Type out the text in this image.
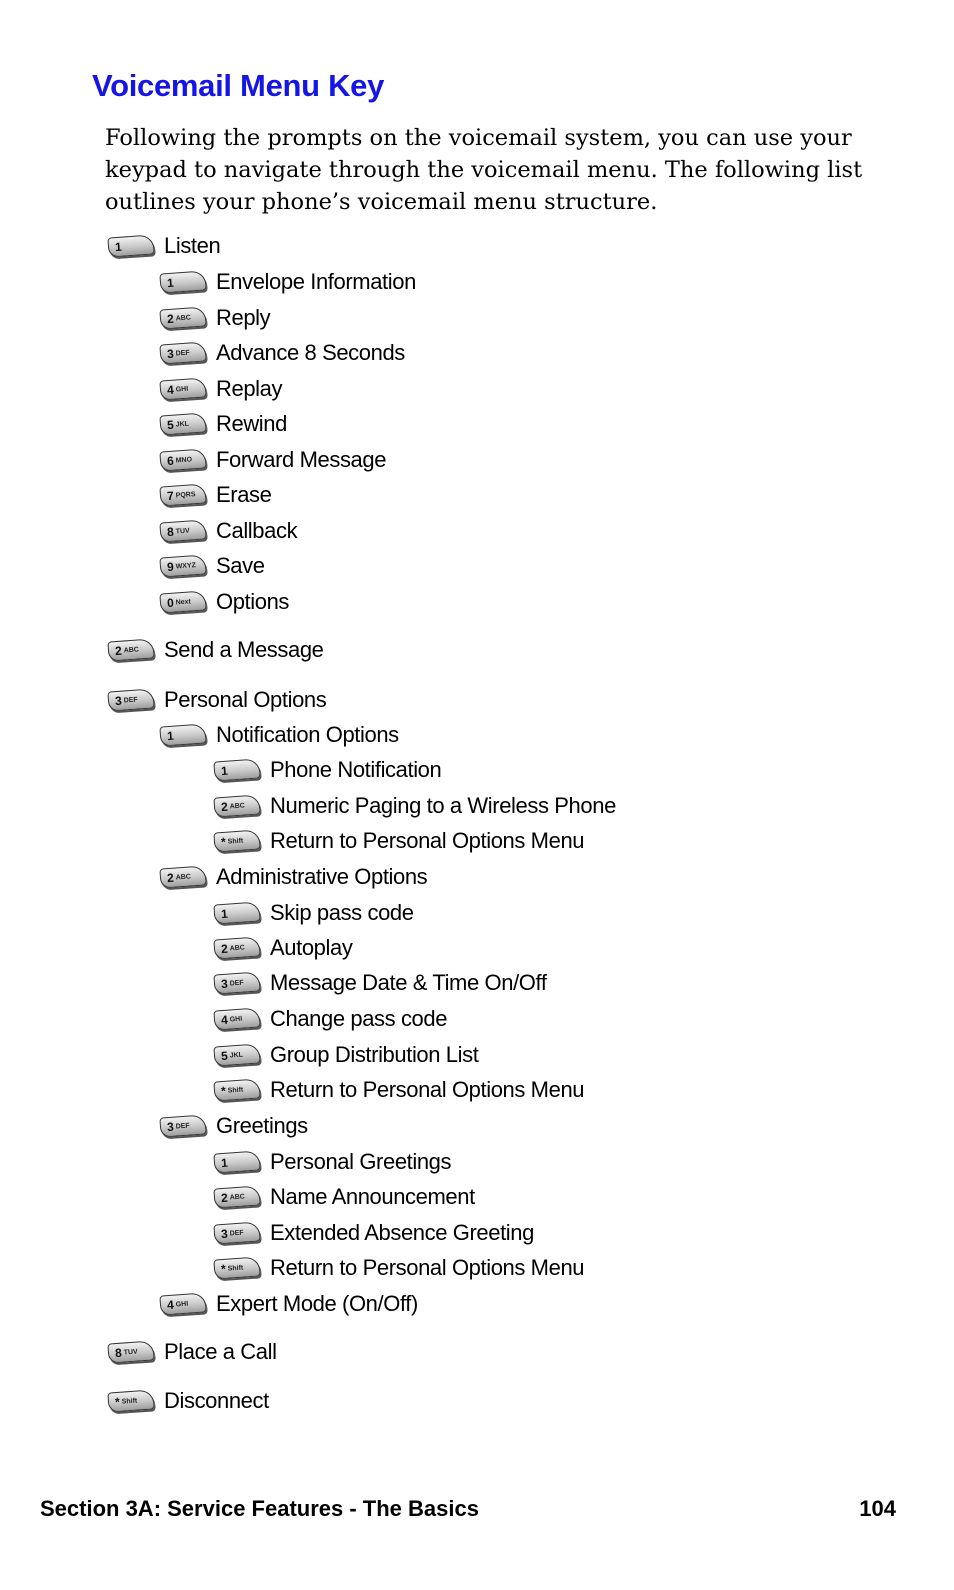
Voicemail Menu Key

Following the prompts on the voicemail system, you can use your keypad to navigate through the voicemail menu. The following list outlines your phone’s voicemail menu structure.

1 Listen
1 Envelope Information
2 ABC Reply
3 DEF Advance 8 Seconds
4 GHI Replay
5 JKL Rewind
6 MNO Forward Message
7 PQRS Erase
8 TUV Callback
9 WXYZ Save
0 Next Options
2 ABC Send a Message
3 DEF Personal Options
1 Notification Options
1 Phone Notification
2 ABC Numeric Paging to a Wireless Phone
* Shift Return to Personal Options Menu
2 ABC Administrative Options
1 Skip pass code
2 ABC Autoplay
3 DEF Message Date & Time On/Off
4 GHI Change pass code
5 JKL Group Distribution List
* Shift Return to Personal Options Menu
3 DEF Greetings
1 Personal Greetings
2 ABC Name Announcement
3 DEF Extended Absence Greeting
* Shift Return to Personal Options Menu
4 GHI Expert Mode (On/Off)
8 TUV Place a Call
* Shift Disconnect
Section 3A: Service Features - The Basics	104
